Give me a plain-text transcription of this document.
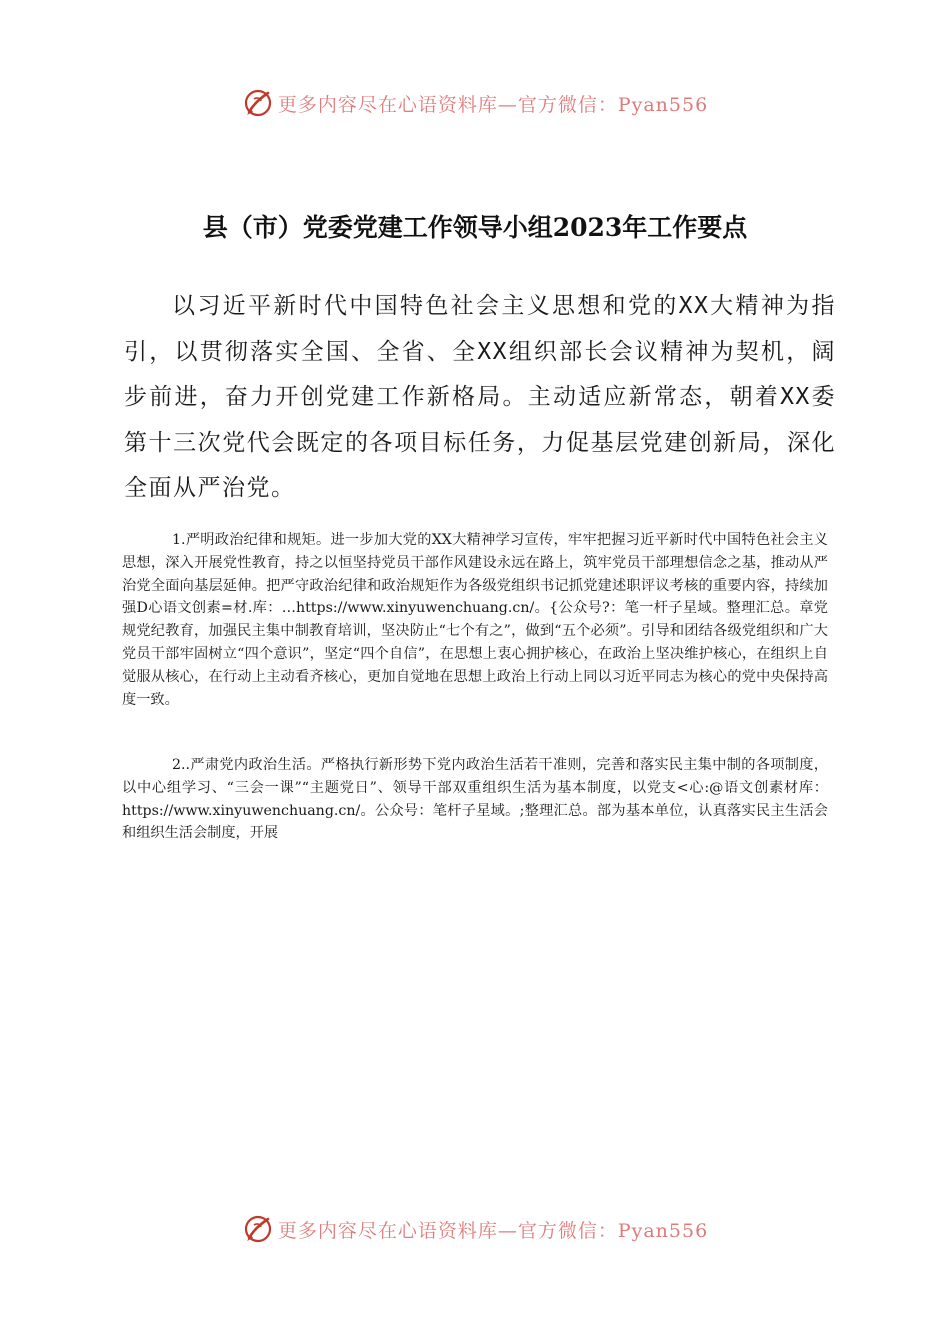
更多内容尽在心语资料库—官方微信：Pyan556
县（市）党委党建工作领导小组2023年工作要点

以习近平新时代中国特色社会主义思想和党的XX大精神为指引，以贯彻落实全国、全省、全XX组织部长会议精神为契机，阔步前进，奋力开创党建工作新格局。主动适应新常态，朝着XX委第十三次党代会既定的各项目标任务，力促基层党建创新局，深化全面从严治党。

1.严明政治纪律和规矩。进一步加大党的XX大精神学习宣传，牢牢把握习近平新时代中国特色社会主义思想，深入开展党性教育，持之以恒坚持党员干部作风建设永远在路上，筑牢党员干部理想信念之基，推动从严治党全面向基层延伸。把严守政治纪律和政治规矩作为各级党组织书记抓党建述职评议考核的重要内容，持续加强D心语文创素=材.库：…https://www.xinyuwenchuang.cn/。{公众号?：笔一杆子星域。整理汇总。章党规党纪教育，加强民主集中制教育培训，坚决防止“七个有之”，做到“五个必须”。引导和团结各级党组织和广大党员干部牢固树立“四个意识”，坚定“四个自信”，在思想上衷心拥护核心，在政治上坚决维护核心，在组织上自觉服从核心，在行动上主动看齐核心，更加自觉地在思想上政治上行动上同以习近平同志为核心的党中央保持高度一致。

2..严肃党内政治生活。严格执行新形势下党内政治生活若干准则，完善和落实民主集中制的各项制度，以中心组学习、“三会一课”“主题党日”、领导干部双重组织生活为基本制度，以党支<心:@语文创素材库：https://www.xinyuwenchuang.cn/。公众号：笔杆子星域。;整理汇总。部为基本单位，认真落实民主生活会和组织生活会制度，开展

更多内容尽在心语资料库—官方微信：Pyan556
